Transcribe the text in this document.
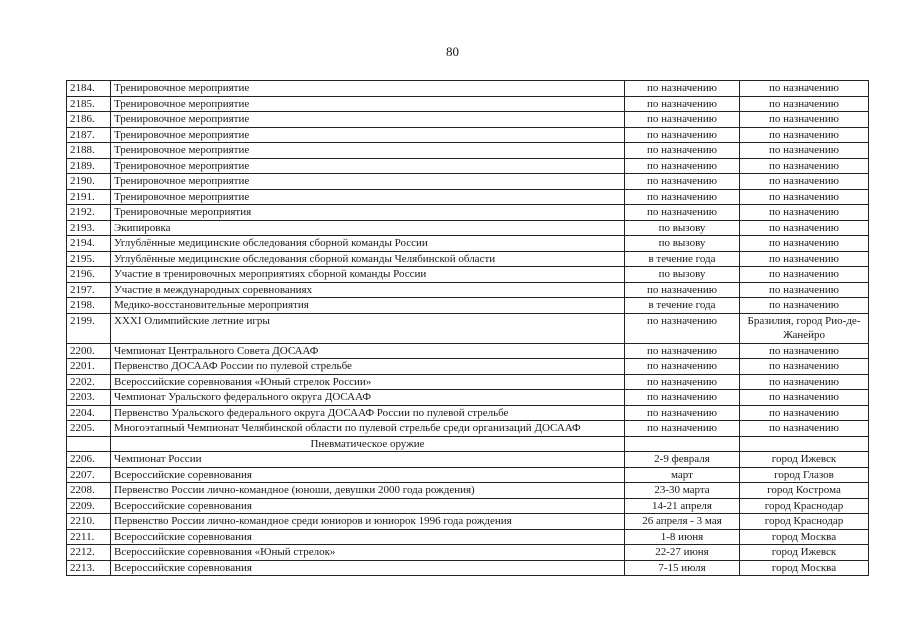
80
2184.	Тренировочное мероприятие	по назначению	по назначению
2185.	Тренировочное мероприятие	по назначению	по назначению
2186.	Тренировочное мероприятие	по назначению	по назначению
2187.	Тренировочное мероприятие	по назначению	по назначению
2188.	Тренировочное мероприятие	по назначению	по назначению
2189.	Тренировочное мероприятие	по назначению	по назначению
2190.	Тренировочное мероприятие	по назначению	по назначению
2191.	Тренировочное мероприятие	по назначению	по назначению
2192.	Тренировочные мероприятия	по назначению	по назначению
2193.	Экипировка	по вызову	по назначению
2194.	Углублённые медицинские обследования сборной команды России	по вызову	по назначению
2195.	Углублённые медицинские обследования сборной команды Челябинской области	в течение года	по назначению
2196.	Участие в тренировочных мероприятиях сборной команды России	по вызову	по назначению
2197.	Участие в международных соревнованиях	по назначению	по назначению
2198.	Медико-восстановительные мероприятия	в течение года	по назначению
2199.	XXXI Олимпийские летние игры	по назначению	Бразилия, город Рио-де-Жанейро
2200.	Чемпионат Центрального Совета ДОСААФ	по назначению	по назначению
2201.	Первенство ДОСААФ России по пулевой стрельбе	по назначению	по назначению
2202.	Всероссийские соревнования «Юный стрелок России»	по назначению	по назначению
2203.	Чемпионат Уральского федерального округа ДОСААФ	по назначению	по назначению
2204.	Первенство Уральского федерального округа ДОСААФ России по пулевой стрельбе	по назначению	по назначению
2205.	Многоэтапный Чемпионат Челябинской области по пулевой стрельбе среди организаций ДОСААФ	по назначению	по назначению
	Пневматическое оружие		
2206.	Чемпионат России	2-9 февраля	город Ижевск
2207.	Всероссийские соревнования	март	город Глазов
2208.	Первенство России лично-командное (юноши, девушки 2000 года рождения)	23-30 марта	город Кострома
2209.	Всероссийские соревнования	14-21 апреля	город Краснодар
2210.	Первенство России лично-командное среди юниоров и юниорок 1996 года рождения	26 апреля - 3 мая	город Краснодар
2211.	Всероссийские соревнования	1-8 июня	город Москва
2212.	Всероссийские соревнования «Юный стрелок»	22-27 июня	город Ижевск
2213.	Всероссийские соревнования	7-15 июля	город Москва
